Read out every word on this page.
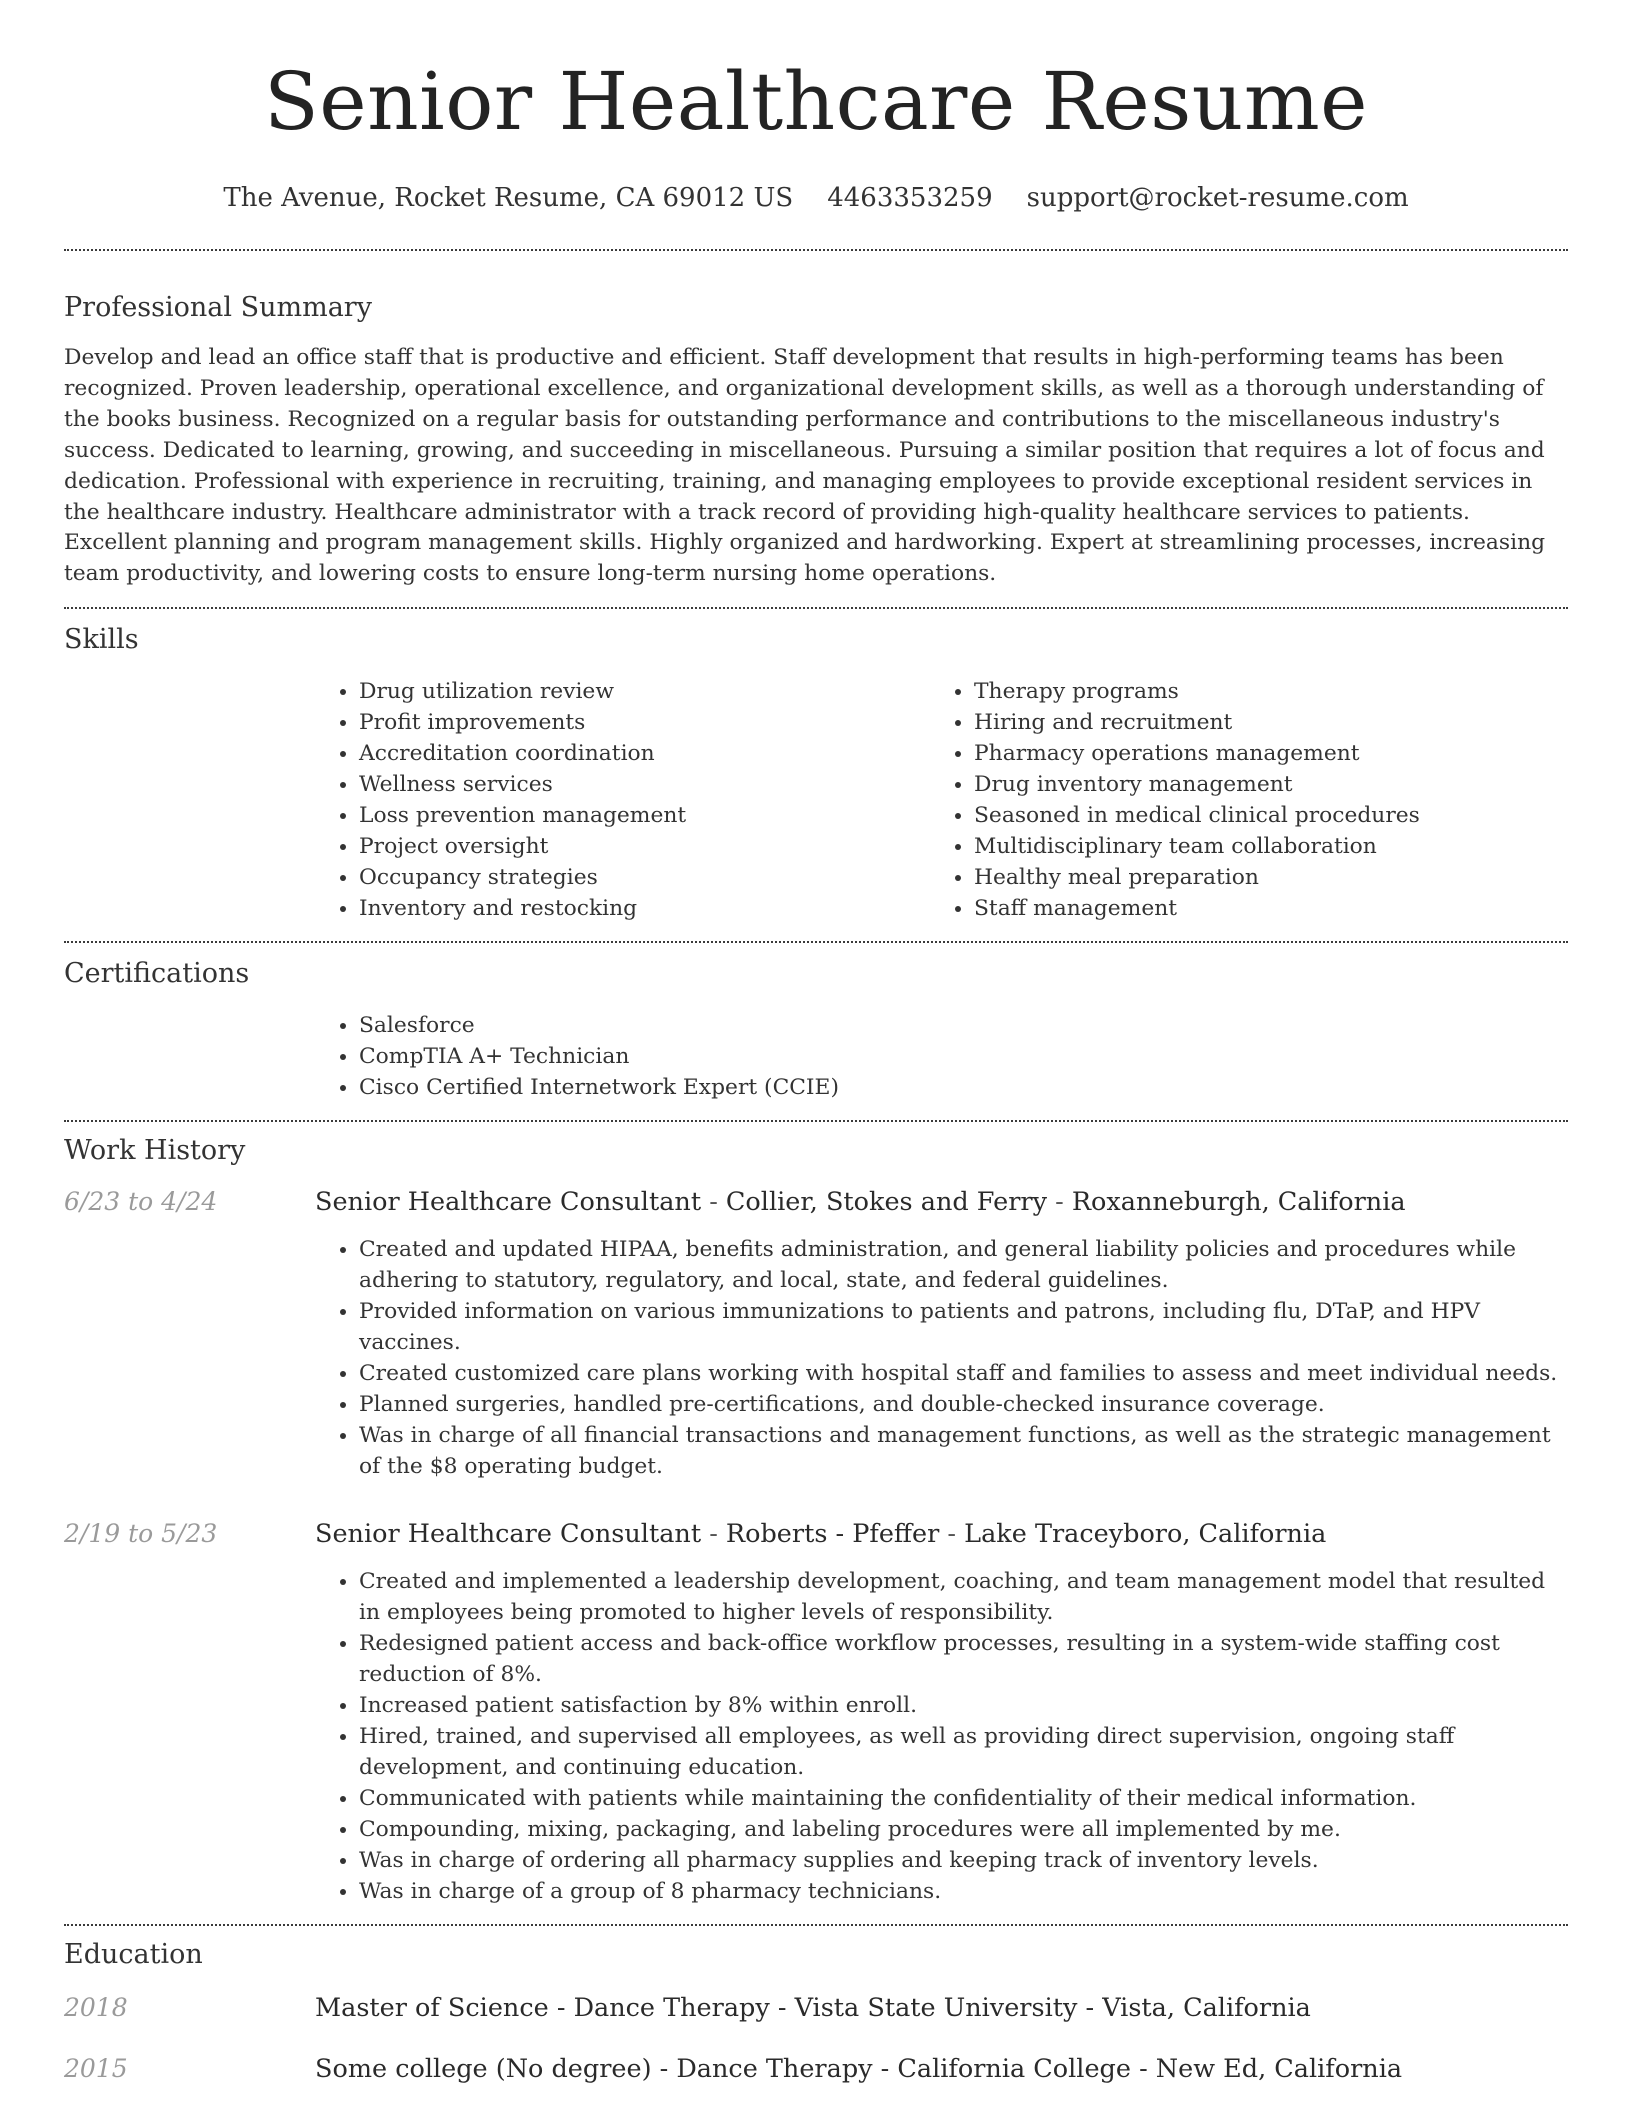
Senior Healthcare Resume
The Avenue, Rocket Resume, CA 69012 US 4463353259 support@rocket-resume.com
Professional Summary

Develop and lead an office staff that is productive and efficient. Staff development that results in high-performing teams has been recognized. Proven leadership, operational excellence, and organizational development skills, as well as a thorough understanding of the books business. Recognized on a regular basis for outstanding performance and contributions to the miscellaneous industry's success. Dedicated to learning, growing, and succeeding in miscellaneous. Pursuing a similar position that requires a lot of focus and dedication. Professional with experience in recruiting, training, and managing employees to provide exceptional resident services in the healthcare industry. Healthcare administrator with a track record of providing high-quality healthcare services to patients. Excellent planning and program management skills. Highly organized and hardworking. Expert at streamlining processes, increasing team productivity, and lowering costs to ensure long-term nursing home operations.

Skills
• Drug utilization review
• Profit improvements
• Accreditation coordination
• Wellness services
• Loss prevention management
• Project oversight
• Occupancy strategies
• Inventory and restocking
• Therapy programs
• Hiring and recruitment
• Pharmacy operations management
• Drug inventory management
• Seasoned in medical clinical procedures
• Multidisciplinary team collaboration
• Healthy meal preparation
• Staff management
Certifications
• Salesforce
• CompTIA A+ Technician
• Cisco Certified Internetwork Expert (CCIE)
Work History
6/23 to 4/24	Senior Healthcare Consultant - Collier, Stokes and Ferry - Roxanneburgh, California
• Created and updated HIPAA, benefits administration, and general liability policies and procedures while adhering to statutory, regulatory, and local, state, and federal guidelines.
• Provided information on various immunizations to patients and patrons, including flu, DTaP, and HPV vaccines.
• Created customized care plans working with hospital staff and families to assess and meet individual needs.
• Planned surgeries, handled pre-certifications, and double-checked insurance coverage.
• Was in charge of all financial transactions and management functions, as well as the strategic management of the $8 operating budget.
2/19 to 5/23	Senior Healthcare Consultant - Roberts - Pfeffer - Lake Traceyboro, California
• Created and implemented a leadership development, coaching, and team management model that resulted in employees being promoted to higher levels of responsibility.
• Redesigned patient access and back-office workflow processes, resulting in a system-wide staffing cost reduction of 8%.
• Increased patient satisfaction by 8% within enroll.
• Hired, trained, and supervised all employees, as well as providing direct supervision, ongoing staff development, and continuing education.
• Communicated with patients while maintaining the confidentiality of their medical information.
• Compounding, mixing, packaging, and labeling procedures were all implemented by me.
• Was in charge of ordering all pharmacy supplies and keeping track of inventory levels.
• Was in charge of a group of 8 pharmacy technicians.
Education
2018	Master of Science - Dance Therapy - Vista State University - Vista, California
2015	Some college (No degree) - Dance Therapy - California College - New Ed, California
